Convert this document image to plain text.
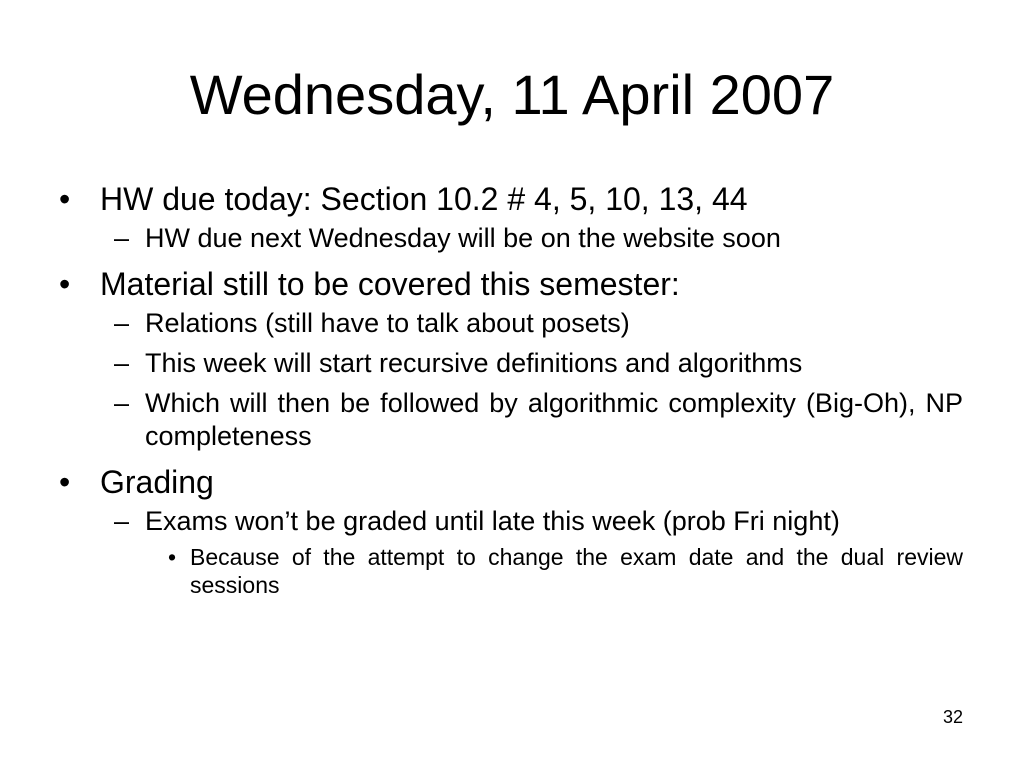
Wednesday, 11 April 2007
• HW due today: Section 10.2 # 4, 5, 10, 13, 44
– HW due next Wednesday will be on the website soon
• Material still to be covered this semester:
– Relations (still have to talk about posets)
– This week will start recursive definitions and algorithms
– Which will then be followed by algorithmic complexity (Big-Oh), NP completeness
• Grading
– Exams won’t be graded until late this week (prob Fri night)
• Because of the attempt to change the exam date and the dual review sessions
32
